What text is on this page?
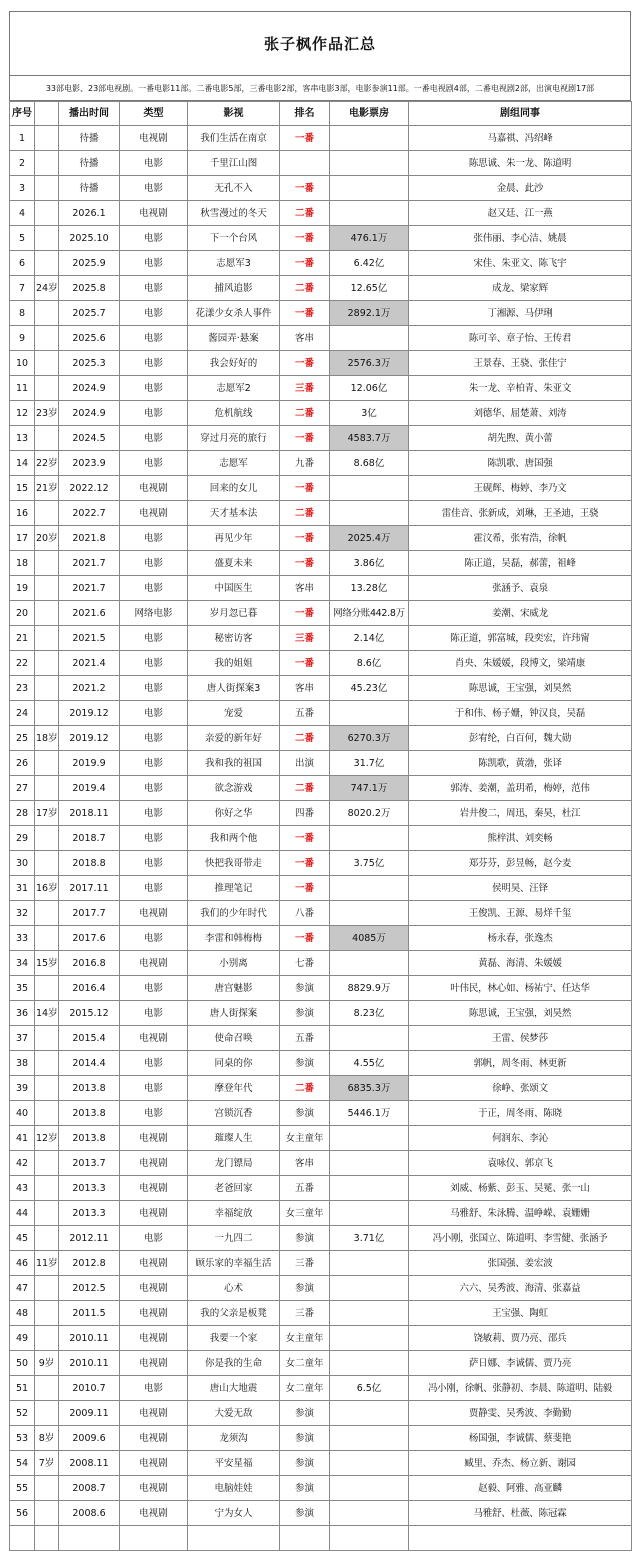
张子枫作品汇总
33部电影、23部电视剧。一番电影11部。二番电影5部，三番电影2部，客串电影3部，电影参演11部。一番电视剧4部，二番电视剧2部，出演电视剧17部
序号		播出时间	类型	影视	排名	电影票房	剧组同事
1		待播	电视剧	我们生活在南京	一番		马嘉祺、冯绍峰
2		待播	电影	千里江山图			陈思诚、朱一龙、陈道明
3		待播	电影	无孔不入	一番		金晨、此沙
4		2026.1	电视剧	秋雪漫过的冬天	二番		赵又廷、江一燕
5		2025.10	电影	下一个台风	一番	476.1万	张伟丽、李心洁、姚晨
6		2025.9	电影	志愿军3	一番	6.42亿	宋佳、朱亚文、陈飞宇
7	24岁	2025.8	电影	捕风追影	二番	12.65亿	成龙、梁家辉
8		2025.7	电影	花漾少女杀人事件	一番	2892.1万	丁湘源、马伊琍
9		2025.6	电影	酱园弄·悬案	客串		陈可辛、章子怡、王传君
10		2025.3	电影	我会好好的	一番	2576.3万	王景春、王骁、张佳宁
11		2024.9	电影	志愿军2	三番	12.06亿	朱一龙、辛柏青、朱亚文
12	23岁	2024.9	电影	危机航线	二番	3亿	刘德华、屈楚萧、刘涛
13		2024.5	电影	穿过月亮的旅行	一番	4583.7万	胡先煦、黄小蕾
14	22岁	2023.9	电影	志愿军	九番	8.68亿	陈凯歌、唐国强
15	21岁	2022.12	电视剧	回来的女儿	一番		王砚辉、梅婷、李乃文
16		2022.7	电视剧	天才基本法	二番		雷佳音、张新成，刘琳，王圣迪，王骁
17	20岁	2021.8	电影	再见少年	一番	2025.4万	霍汶希，张宥浩，徐帆
18		2021.7	电影	盛夏未来	一番	3.86亿	陈正道，吴磊，郝蕾，祖峰
19		2021.7	电影	中国医生	客串	13.28亿	张涵予、袁泉
20		2021.6	网络电影	岁月忽已暮	一番	网络分账442.8万	姜潮、宋威龙
21		2021.5	电影	秘密访客	三番	2.14亿	陈正道，郭富城，段奕宏，许玮甯
22		2021.4	电影	我的姐姐	一番	8.6亿	肖央、朱媛媛，段博文，梁靖康
23		2021.2	电影	唐人街探案3	客串	45.23亿	陈思诚，王宝强，刘昊然
24		2019.12	电影	宠爱	五番		于和伟、杨子姗，钟汉良，吴磊
25	18岁	2019.12	电影	亲爱的新年好	二番	6270.3万	彭宥纶，白百何，魏大勋
26		2019.9	电影	我和我的祖国	出演	31.7亿	陈凯歌，黄渤，张译
27		2019.4	电影	欲念游戏	二番	747.1万	郭涛、姜潮，盖玥希，梅婷，范伟
28	17岁	2018.11	电影	你好之华	四番	8020.2万	岩井俊二，周迅，秦昊，杜江
29		2018.7	电影	我和两个他	一番		熊梓淇、刘奕畅
30		2018.8	电影	快把我哥带走	一番	3.75亿	郑芬芬，彭昱畅，赵今麦
31	16岁	2017.11	电影	推理笔记	一番		侯明昊、汪铎
32		2017.7	电视剧	我们的少年时代	八番		王俊凯、王源、易烊千玺
33		2017.6	电影	李雷和韩梅梅	一番	4085万	杨永春，张逸杰
34	15岁	2016.8	电视剧	小别离	七番		黄磊、海清、朱媛媛
35		2016.4	电影	唐宫魅影	参演	8829.9万	叶伟民，林心如、杨祐宁、任达华
36	14岁	2015.12	电影	唐人街探案	参演	8.23亿	陈思诚，王宝强，刘昊然
37		2015.4	电视剧	使命召唤	五番		王雷、侯梦莎
38		2014.4	电影	同桌的你	参演	4.55亿	郭帆，周冬雨、林更新
39		2013.8	电影	摩登年代	二番	6835.3万	徐峥、张颂文
40		2013.8	电影	宫锁沉香	参演	5446.1万	于正，周冬雨、陈晓
41	12岁	2013.8	电视剧	璀璨人生	女主童年		何润东、李沁
42		2013.7	电视剧	龙门镖局	客串		袁咏仪、郭京飞
43		2013.3	电视剧	老爸回家	五番		刘威、杨紫、彭玉、吴冕、张一山
44		2013.3	电视剧	幸福绽放	女三童年		马雅舒、朱泳腾、温峥嵘、袁姗姗
45		2012.11	电影	一九四二	参演	3.71亿	冯小刚，张国立、陈道明、李雪健、张涵予
46	11岁	2012.8	电视剧	顾乐家的幸福生活	三番		张国强、姜宏波
47		2012.5	电视剧	心术	参演		六六、吴秀波、海清、张嘉益
48		2011.5	电视剧	我的父亲是板凳	三番		王宝强、陶虹
49		2010.11	电视剧	我要一个家	女主童年		饶敏莉、贾乃亮、邵兵
50	9岁	2010.11	电视剧	你是我的生命	女二童年		萨日娜、李诚儒、贾乃亮
51		2010.7	电影	唐山大地震	女二童年	6.5亿	冯小刚，徐帆、张静初、李晨、陈道明、陆毅
52		2009.11	电视剧	大爱无敌	参演		贾静雯、吴秀波、李勤勤
53	8岁	2009.6	电视剧	龙须沟	参演		杨国强，李诚儒、蔡斐艳
54	7岁	2008.11	电视剧	平安星福	参演		臧里、乔杰、杨立新、谢园
55		2008.7	电视剧	电脑娃娃	参演		赵毅、阿雅、高亚麟
56		2008.6	电视剧	宁为女人	参演		马雅舒、杜薇、陈冠霖
